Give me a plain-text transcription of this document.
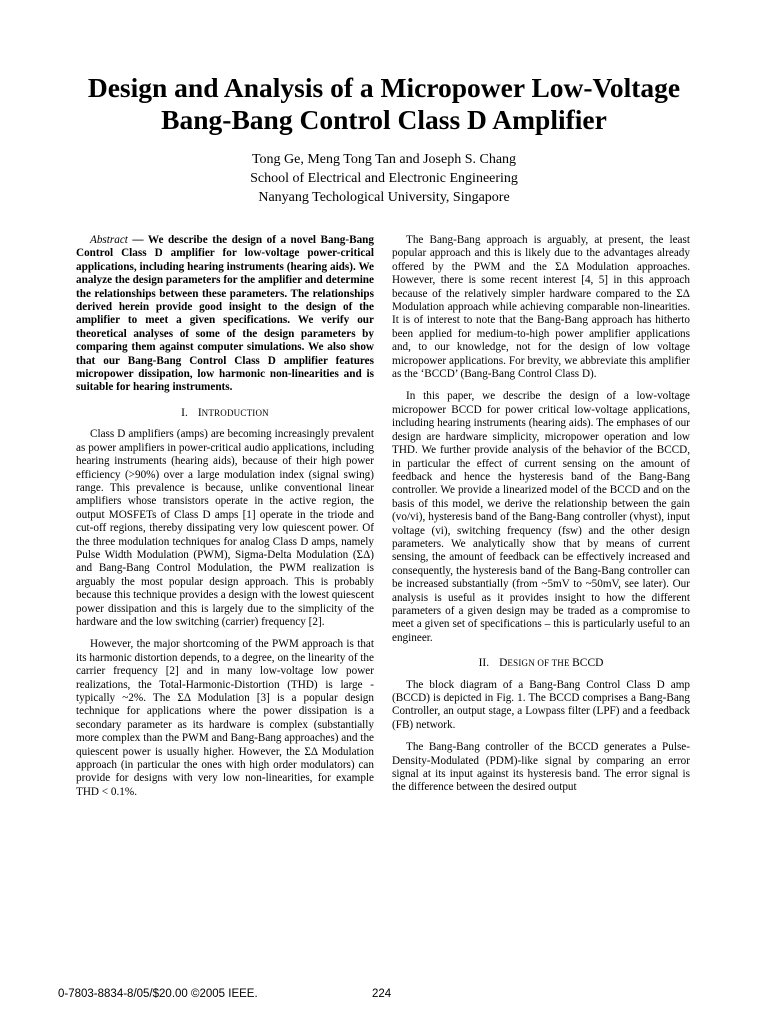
Design and Analysis of a Micropower Low-Voltage
Bang-Bang Control Class D Amplifier
Tong Ge, Meng Tong Tan and Joseph S. Chang
School of Electrical and Electronic Engineering
Nanyang Techological University, Singapore

Abstract — We describe the design of a novel Bang-Bang Control Class D amplifier for low-voltage power-critical applications, including hearing instruments (hearing aids). We analyze the design parameters for the amplifier and determine the relationships between these parameters. The relationships derived herein provide good insight to the design of the amplifier to meet a given specifications. We verify our theoretical analyses of some of the design parameters by comparing them against computer simulations. We also show that our Bang-Bang Control Class D amplifier features micropower dissipation, low harmonic non-linearities and is suitable for hearing instruments.

I. INTRODUCTION

Class D amplifiers (amps) are becoming increasingly prevalent as power amplifiers in power-critical audio applications, including hearing instruments (hearing aids), because of their high power efficiency (>90%) over a large modulation index (signal swing) range. This prevalence is because, unlike conventional linear amplifiers whose transistors operate in the active region, the output MOSFETs of Class D amps [1] operate in the triode and cut-off regions, thereby dissipating very low quiescent power. Of the three modulation techniques for analog Class D amps, namely Pulse Width Modulation (PWM), Sigma-Delta Modulation (ΣΔ) and Bang-Bang Control Modulation, the PWM realization is arguably the most popular design approach. This is probably because this technique provides a design with the lowest quiescent power dissipation and this is largely due to the simplicity of the hardware and the low switching (carrier) frequency [2].

However, the major shortcoming of the PWM approach is that its harmonic distortion depends, to a degree, on the linearity of the carrier frequency [2] and in many low-voltage low power realizations, the Total-Harmonic-Distortion (THD) is large - typically ~2%. The ΣΔ Modulation [3] is a popular design technique for applications where the power dissipation is a secondary parameter as its hardware is complex (substantially more complex than the PWM and Bang-Bang approaches) and the quiescent power is usually higher. However, the ΣΔ Modulation approach (in particular the ones with high order modulators) can provide for designs with very low non-linearities, for example THD < 0.1%.

The Bang-Bang approach is arguably, at present, the least popular approach and this is likely due to the advantages already offered by the PWM and the ΣΔ Modulation approaches. However, there is some recent interest [4, 5] in this approach because of the relatively simpler hardware compared to the ΣΔ Modulation approach while achieving comparable non-linearities. It is of interest to note that the Bang-Bang approach has hitherto been applied for medium-to-high power amplifier applications and, to our knowledge, not for the design of low voltage micropower applications. For brevity, we abbreviate this amplifier as the ‘BCCD’ (Bang-Bang Control Class D).

In this paper, we describe the design of a low-voltage micropower BCCD for power critical low-voltage applications, including hearing instruments (hearing aids). The emphases of our design are hardware simplicity, micropower operation and low THD. We further provide analysis of the behavior of the BCCD, in particular the effect of current sensing on the amount of feedback and hence the hysteresis band of the Bang-Bang controller. We provide a linearized model of the BCCD and on the basis of this model, we derive the relationship between the gain (vo/vi), hysteresis band of the Bang-Bang controller (vhyst), input voltage (vi), switching frequency (fsw) and the other design parameters. We analytically show that by means of current sensing, the amount of feedback can be effectively increased and consequently, the hysteresis band of the Bang-Bang controller can be increased substantially (from ~5mV to ~50mV, see later). Our analysis is useful as it provides insight to how the different parameters of a given design may be traded as a compromise to meet a given set of specifications – this is particularly useful to an engineer.

II. DESIGN OF THE BCCD

The block diagram of a Bang-Bang Control Class D amp (BCCD) is depicted in Fig. 1. The BCCD comprises a Bang-Bang Controller, an output stage, a Lowpass filter (LPF) and a feedback (FB) network.

The Bang-Bang controller of the BCCD generates a Pulse-Density-Modulated (PDM)-like signal by comparing an error signal at its input against its hysteresis band. The error signal is the difference between the desired output

0-7803-8834-8/05/$20.00 ©2005 IEEE.	224
